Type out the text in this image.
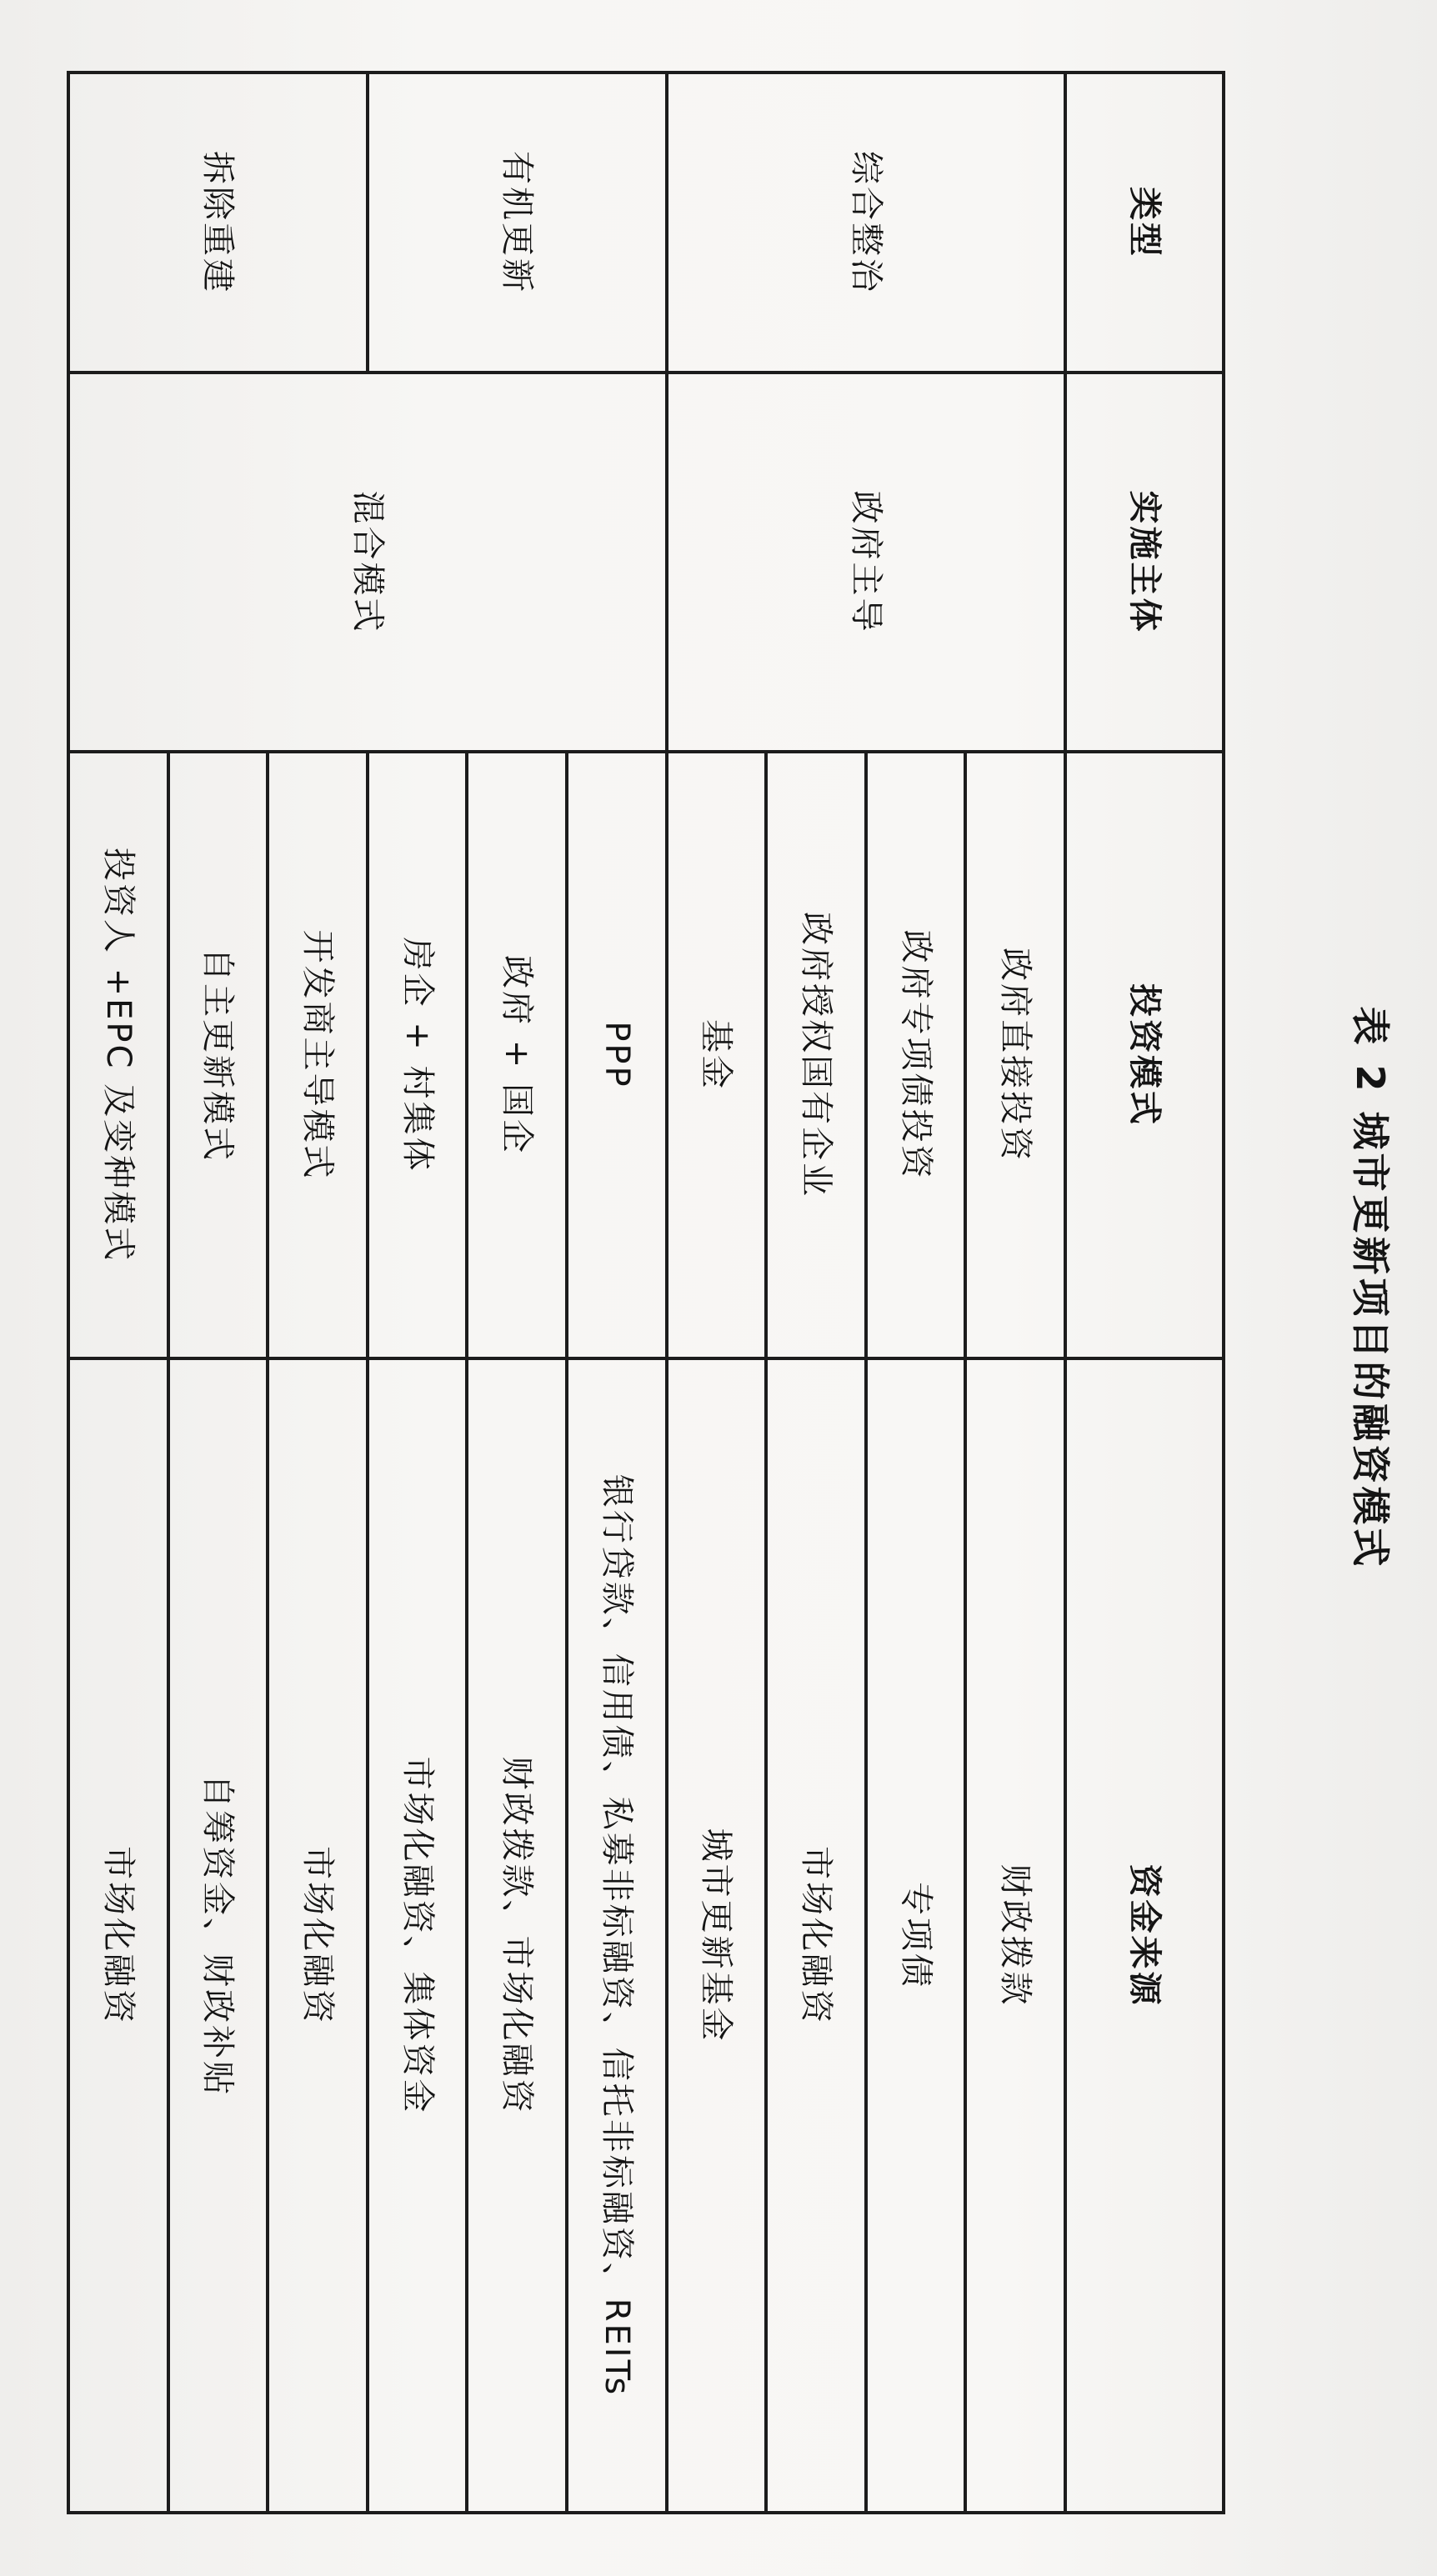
表 2 城市更新项目的融资模式
类型	实施主体	投资模式	资金来源
综合整治	政府主导	政府直接投资	财政拨款
		政府专项债投资	专项债
		政府授权国有企业	市场化融资
		基金	城市更新基金
有机更新	混合模式	PPP	银行贷款、信用债、私募非标融资、信托非标融资、REITs
		政府 + 国企	财政拨款、市场化融资
		房企 + 村集体	市场化融资、集体资金
拆除重建		开发商主导模式	市场化融资
		自主更新模式	自筹资金、财政补贴
		投资人 +EPC 及变种模式	市场化融资
